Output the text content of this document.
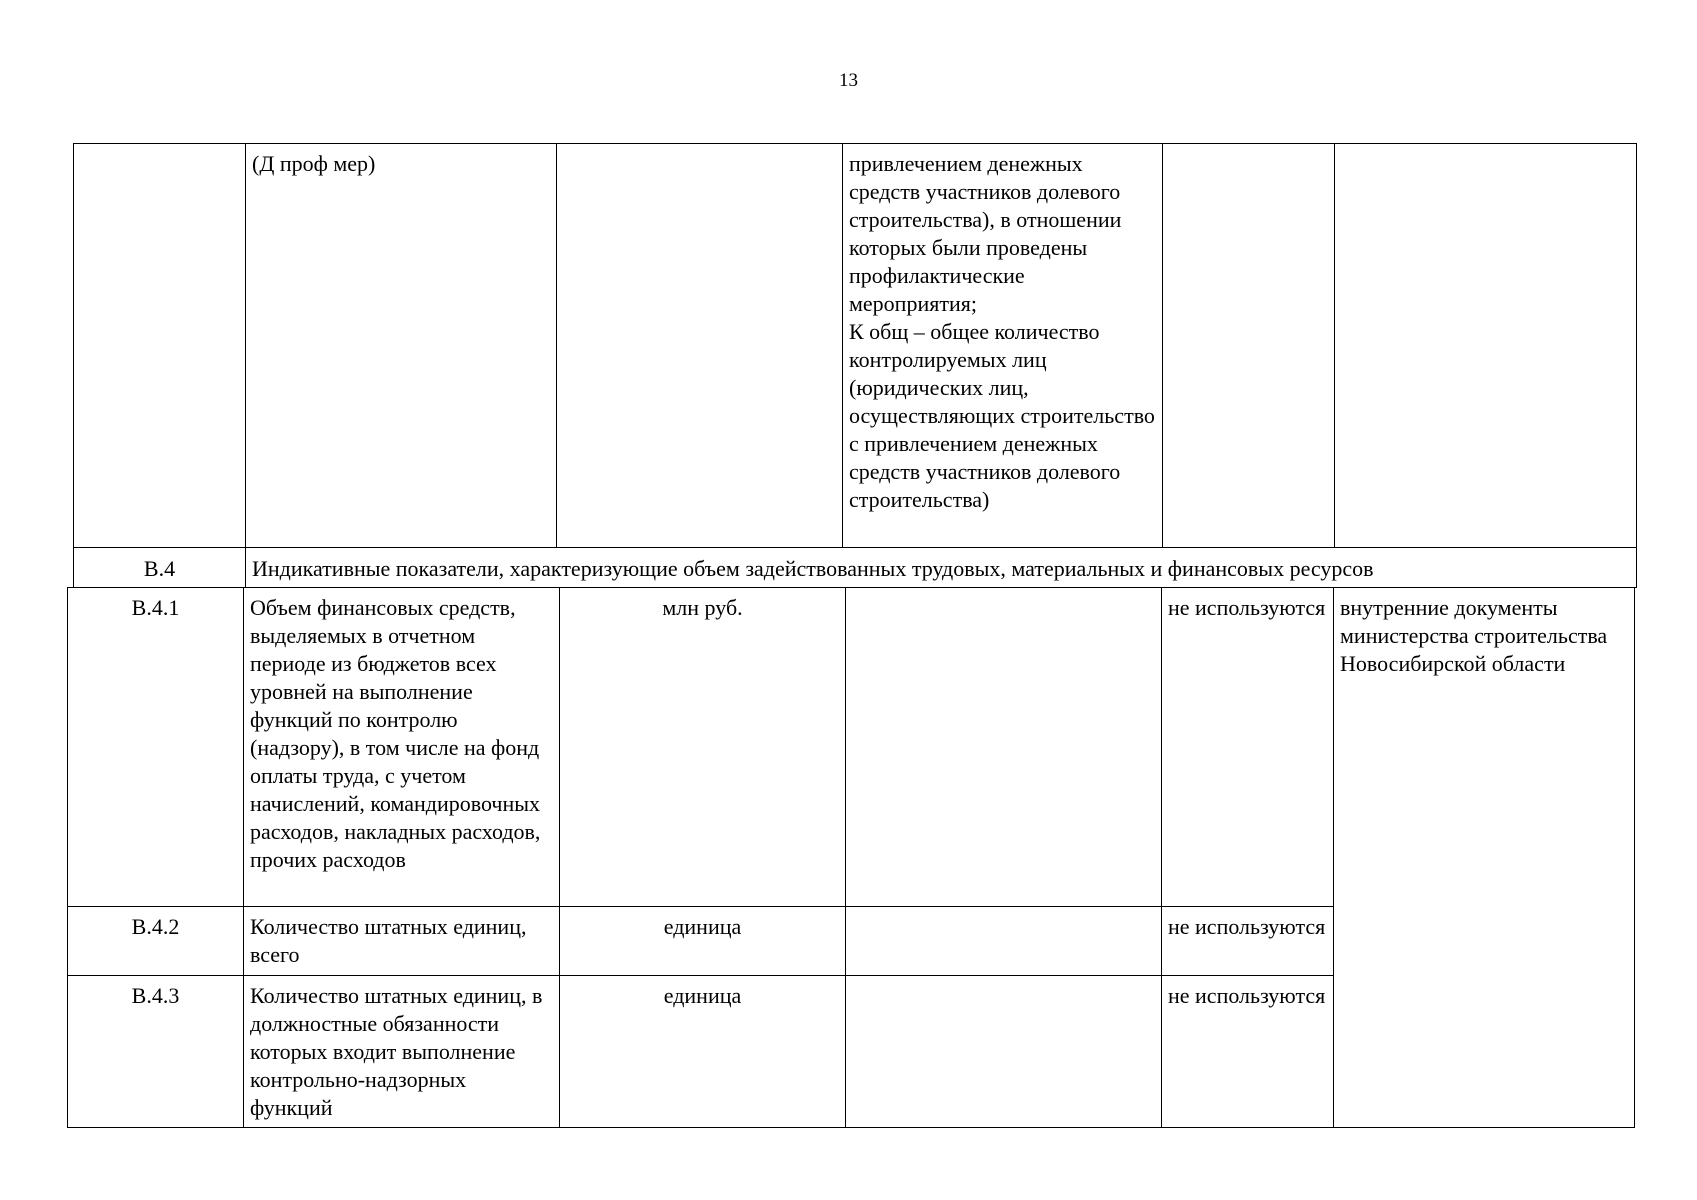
13
	(Д проф мер)		привлечением денежных средств участников долевого строительства), в отношении которых были проведены профилактические мероприятия;
К общ – общее количество контролируемых лиц (юридических лиц, осуществляющих строительство с привлечением денежных средств участников долевого строительства)		
В.4	Индикативные показатели, характеризующие объем задействованных трудовых, материальных и финансовых ресурсов				
В.4.1	Объем финансовых средств, выделяемых в отчетном периоде из бюджетов всех уровней на выполнение функций по контролю (надзору), в том числе на фонд оплаты труда, с учетом начислений, командировочных расходов, накладных расходов, прочих расходов	млн руб.		не используются	внутренние документы министерства строительства Новосибирской области
В.4.2	Количество штатных единиц, всего	единица		не используются	
В.4.3	Количество штатных единиц, в должностные обязанности которых входит выполнение контрольно-надзорных функций	единица		не используются	
